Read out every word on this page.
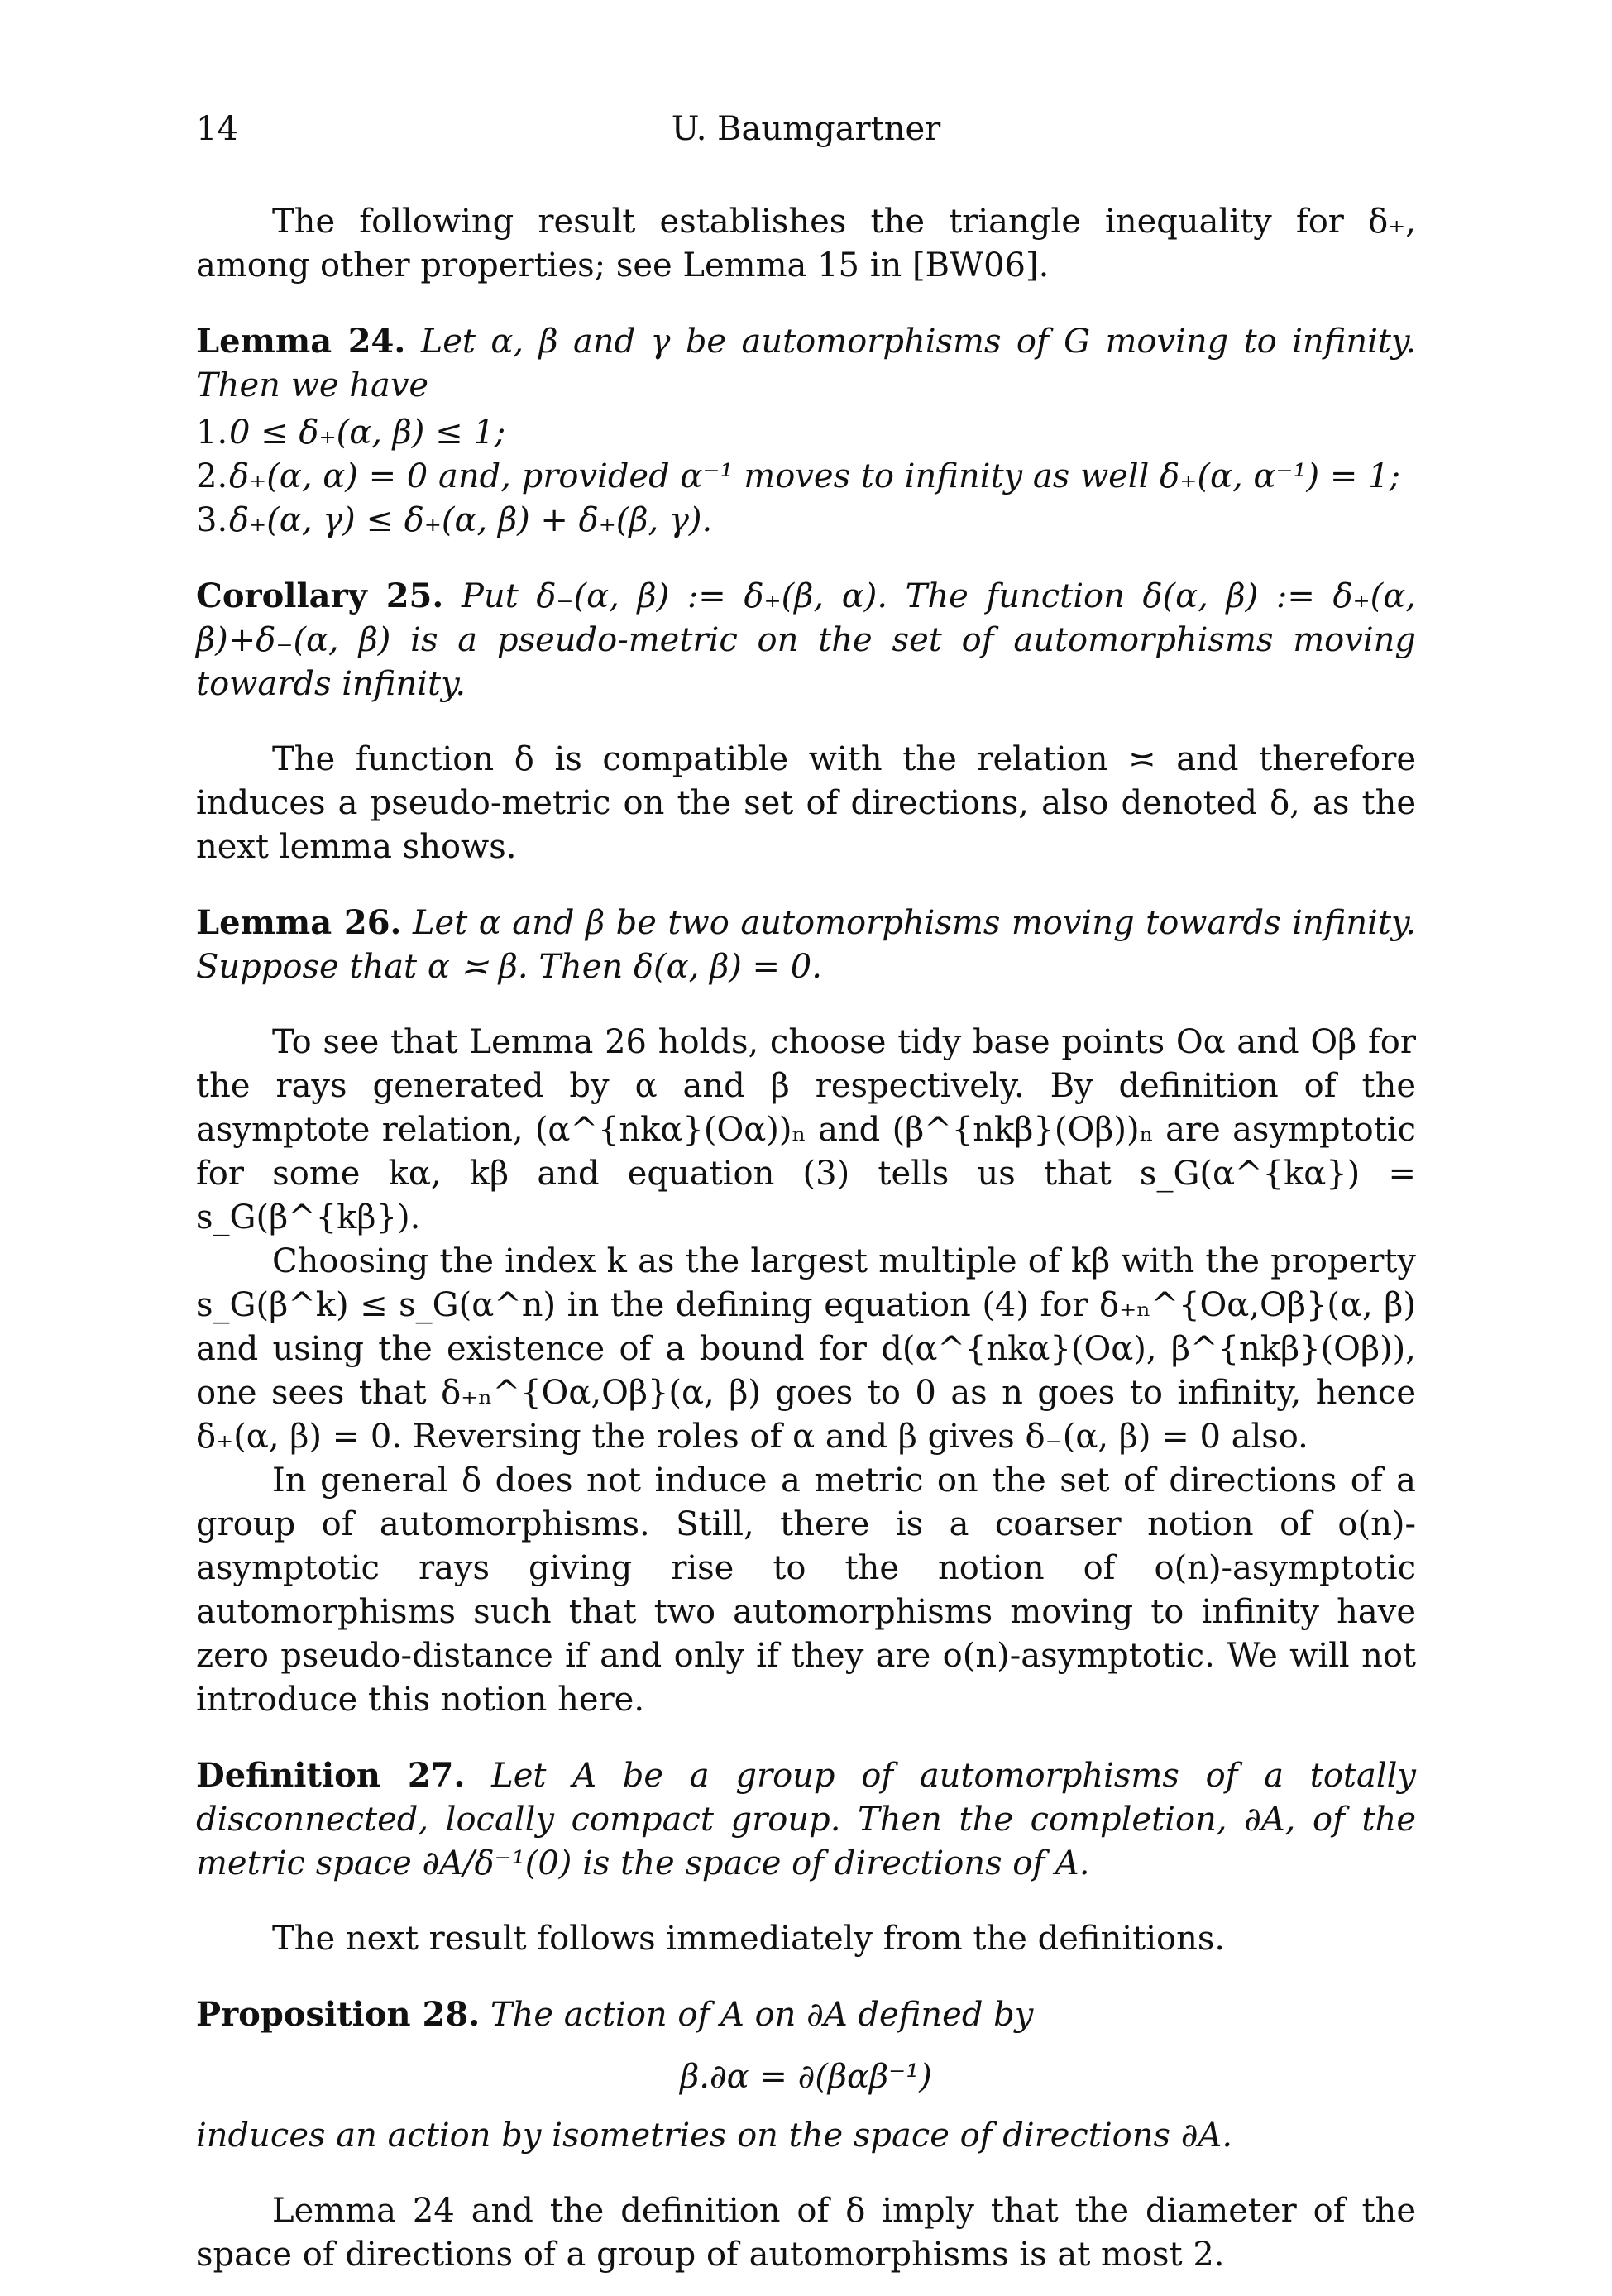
14	U. Baumgartner

The following result establishes the triangle inequality for δ₊, among other properties; see Lemma 15 in [BW06].

Lemma 24. Let α, β and γ be automorphisms of G moving to infinity. Then we have
1. 0 ≤ δ₊(α, β) ≤ 1;
2. δ₊(α, α) = 0 and, provided α⁻¹ moves to infinity as well δ₊(α, α⁻¹) = 1;
3. δ₊(α, γ) ≤ δ₊(α, β) + δ₊(β, γ).
Corollary 25. Put δ₋(α, β) := δ₊(β, α). The function δ(α, β) := δ₊(α, β)+δ₋(α, β) is a pseudo-metric on the set of automorphisms moving towards infinity.

The function δ is compatible with the relation ≍ and therefore induces a pseudo-metric on the set of directions, also denoted δ, as the next lemma shows.

Lemma 26. Let α and β be two automorphisms moving towards infinity. Suppose that α ≍ β. Then δ(α, β) = 0.

To see that Lemma 26 holds, choose tidy base points Oα and Oβ for the rays generated by α and β respectively. By definition of the asymptote relation, (α^{nkα}(Oα))ₙ and (β^{nkβ}(Oβ))ₙ are asymptotic for some kα, kβ and equation (3) tells us that s_G(α^{kα}) = s_G(β^{kβ}).

Choosing the index k as the largest multiple of kβ with the property s_G(β^k) ≤ s_G(α^n) in the defining equation (4) for δ₊ₙ^{Oα,Oβ}(α, β) and using the existence of a bound for d(α^{nkα}(Oα), β^{nkβ}(Oβ)), one sees that δ₊ₙ^{Oα,Oβ}(α, β) goes to 0 as n goes to infinity, hence δ₊(α, β) = 0. Reversing the roles of α and β gives δ₋(α, β) = 0 also.

In general δ does not induce a metric on the set of directions of a group of automorphisms. Still, there is a coarser notion of o(n)-asymptotic rays giving rise to the notion of o(n)-asymptotic automorphisms such that two automorphisms moving to infinity have zero pseudo-distance if and only if they are o(n)-asymptotic. We will not introduce this notion here.

Definition 27. Let A be a group of automorphisms of a totally disconnected, locally compact group. Then the completion, ∂A, of the metric space ∂A/δ⁻¹(0) is the space of directions of A.

The next result follows immediately from the definitions.

Proposition 28. The action of A on ∂A defined by
β.∂α = ∂(βαβ⁻¹)
induces an action by isometries on the space of directions ∂A.

Lemma 24 and the definition of δ imply that the diameter of the space of directions of a group of automorphisms is at most 2.
